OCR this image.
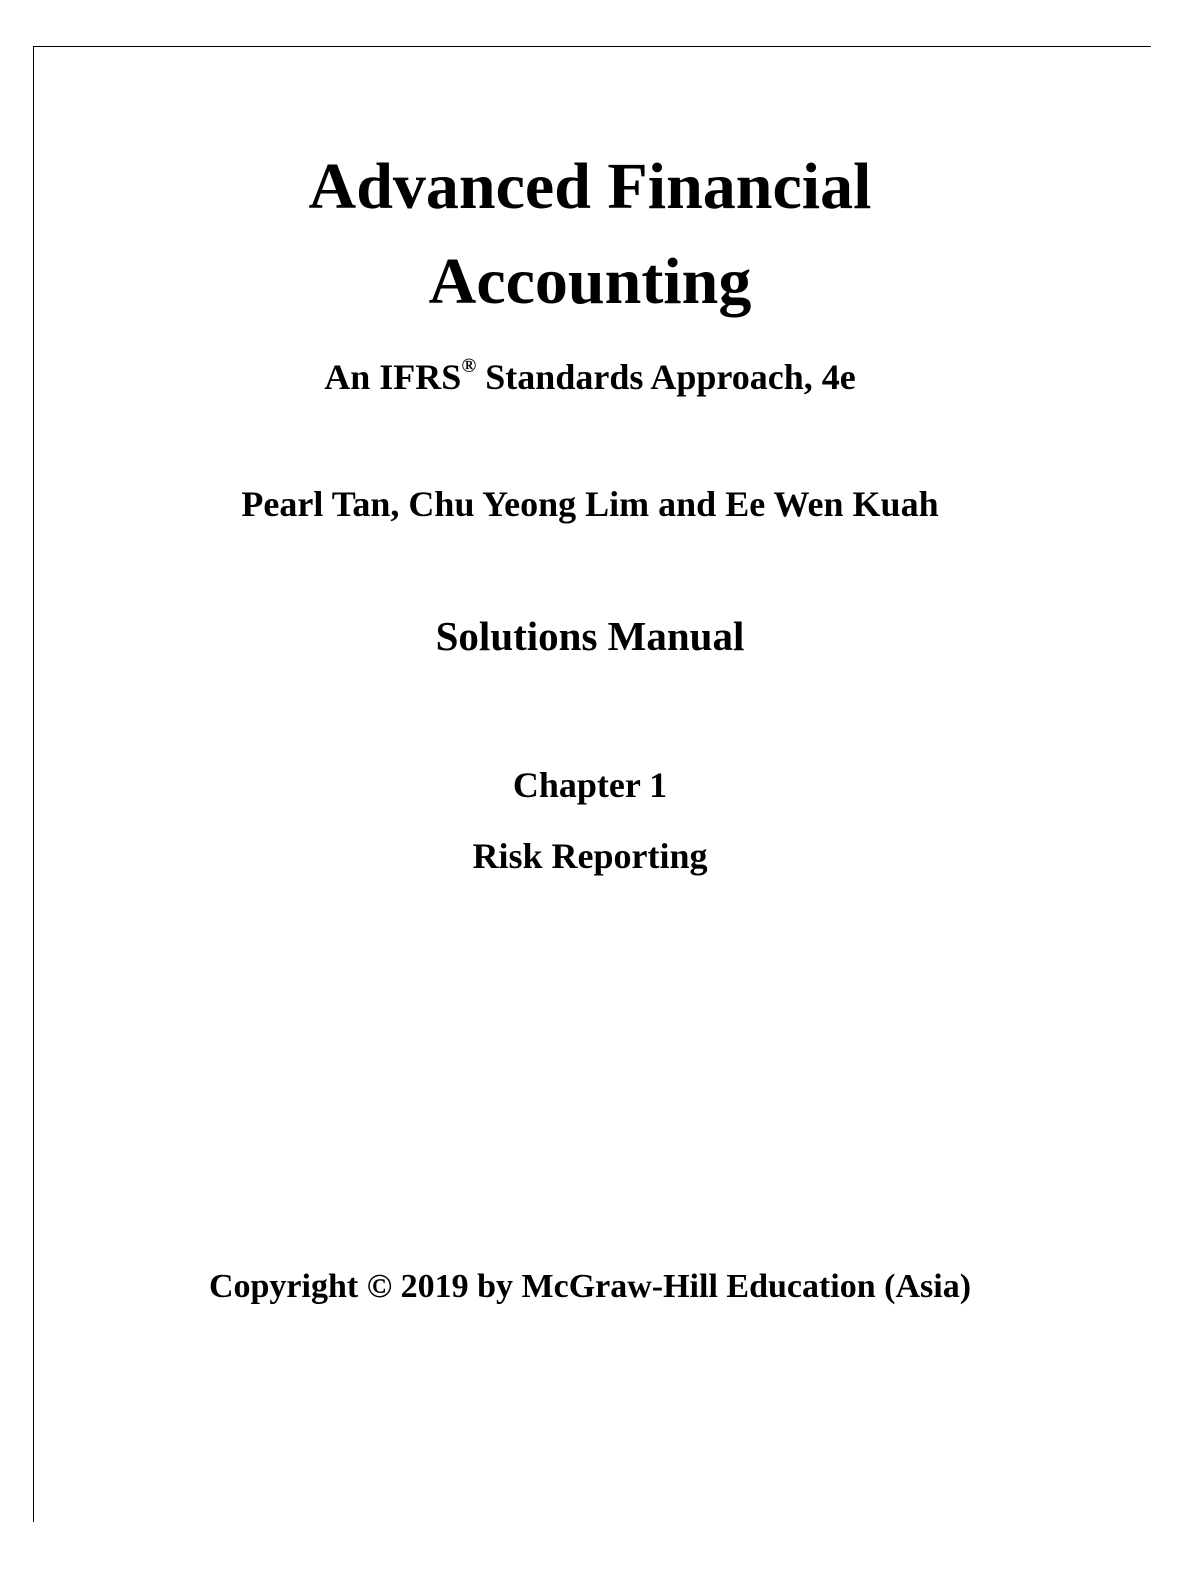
Advanced Financial
Accounting
An IFRS® Standards Approach, 4e
Pearl Tan, Chu Yeong Lim and Ee Wen Kuah
Solutions Manual
Chapter 1
Risk Reporting
Copyright © 2019 by McGraw-Hill Education (Asia)
